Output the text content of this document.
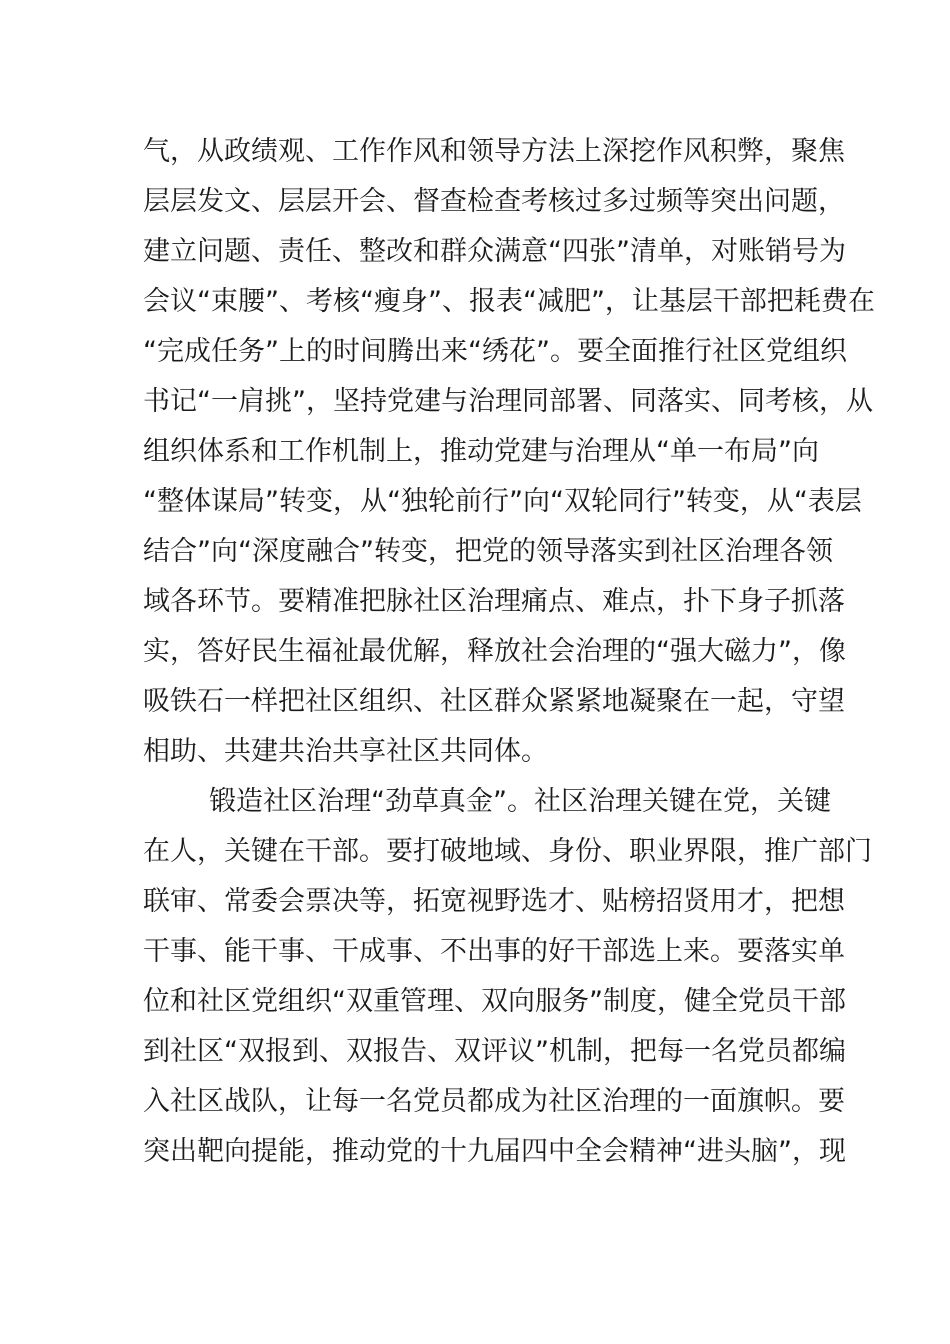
气，从政绩观、工作作风和领导方法上深挖作风积弊，聚焦
层层发文、层层开会、督查检查考核过多过频等突出问题，
建立问题、责任、整改和群众满意“四张”清单，对账销号为
会议“束腰”、考核“瘦身”、报表“减肥”，让基层干部把耗费在
“完成任务”上的时间腾出来“绣花”。要全面推行社区党组织
书记“一肩挑”，坚持党建与治理同部署、同落实、同考核，从
组织体系和工作机制上，推动党建与治理从“单一布局”向
“整体谋局”转变，从“独轮前行”向“双轮同行”转变，从“表层
结合”向“深度融合”转变，把党的领导落实到社区治理各领
域各环节。要精准把脉社区治理痛点、难点，扑下身子抓落
实，答好民生福祉最优解，释放社会治理的“强大磁力”，像
吸铁石一样把社区组织、社区群众紧紧地凝聚在一起，守望
相助、共建共治共享社区共同体。
锻造社区治理“劲草真金”。社区治理关键在党，关键
在人，关键在干部。要打破地域、身份、职业界限，推广部门
联审、常委会票决等，拓宽视野选才、贴榜招贤用才，把想
干事、能干事、干成事、不出事的好干部选上来。要落实单
位和社区党组织“双重管理、双向服务”制度，健全党员干部
到社区“双报到、双报告、双评议”机制，把每一名党员都编
入社区战队，让每一名党员都成为社区治理的一面旗帜。要
突出靶向提能，推动党的十九届四中全会精神“进头脑”，现
